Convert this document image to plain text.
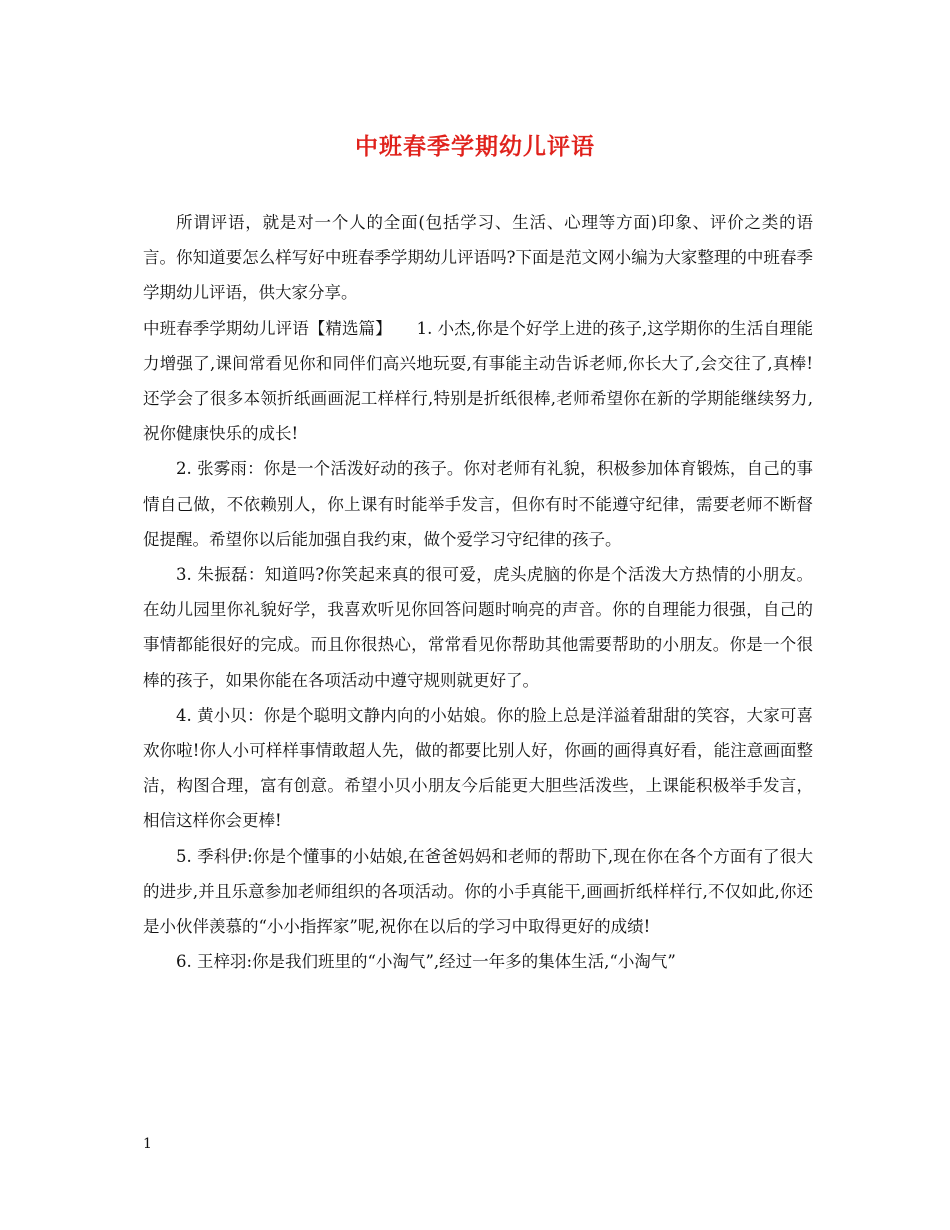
中班春季学期幼儿评语

所谓评语，就是对一个人的全面(包括学习、生活、心理等方面)印象、评价之类的语言。你知道要怎么样写好中班春季学期幼儿评语吗?下面是范文网小编为大家整理的中班春季学期幼儿评语，供大家分享。

中班春季学期幼儿评语【精选篇】　　1. 小杰,你是个好学上进的孩子,这学期你的生活自理能力增强了,课间常看见你和同伴们高兴地玩耍,有事能主动告诉老师,你长大了,会交往了,真棒!还学会了很多本领折纸画画泥工样样行,特别是折纸很棒,老师希望你在新的学期能继续努力,祝你健康快乐的成长!

2. 张雾雨：你是一个活泼好动的孩子。你对老师有礼貌，积极参加体育锻炼，自己的事情自己做，不依赖别人，你上课有时能举手发言，但你有时不能遵守纪律，需要老师不断督促提醒。希望你以后能加强自我约束，做个爱学习守纪律的孩子。

3. 朱振磊：知道吗?你笑起来真的很可爱，虎头虎脑的你是个活泼大方热情的小朋友。在幼儿园里你礼貌好学，我喜欢听见你回答问题时响亮的声音。你的自理能力很强，自己的事情都能很好的完成。而且你很热心，常常看见你帮助其他需要帮助的小朋友。你是一个很棒的孩子，如果你能在各项活动中遵守规则就更好了。

4. 黄小贝：你是个聪明文静内向的小姑娘。你的脸上总是洋溢着甜甜的笑容，大家可喜欢你啦!你人小可样样事情敢超人先，做的都要比别人好，你画的画得真好看，能注意画面整洁，构图合理，富有创意。希望小贝小朋友今后能更大胆些活泼些，上课能积极举手发言，相信这样你会更棒!

5. 季科伊:你是个懂事的小姑娘,在爸爸妈妈和老师的帮助下,现在你在各个方面有了很大的进步,并且乐意参加老师组织的各项活动。你的小手真能干,画画折纸样样行,不仅如此,你还是小伙伴羡慕的“小小指挥家”呢,祝你在以后的学习中取得更好的成绩!

6. 王梓羽:你是我们班里的“小淘气”,经过一年多的集体生活,“小淘气”

1
